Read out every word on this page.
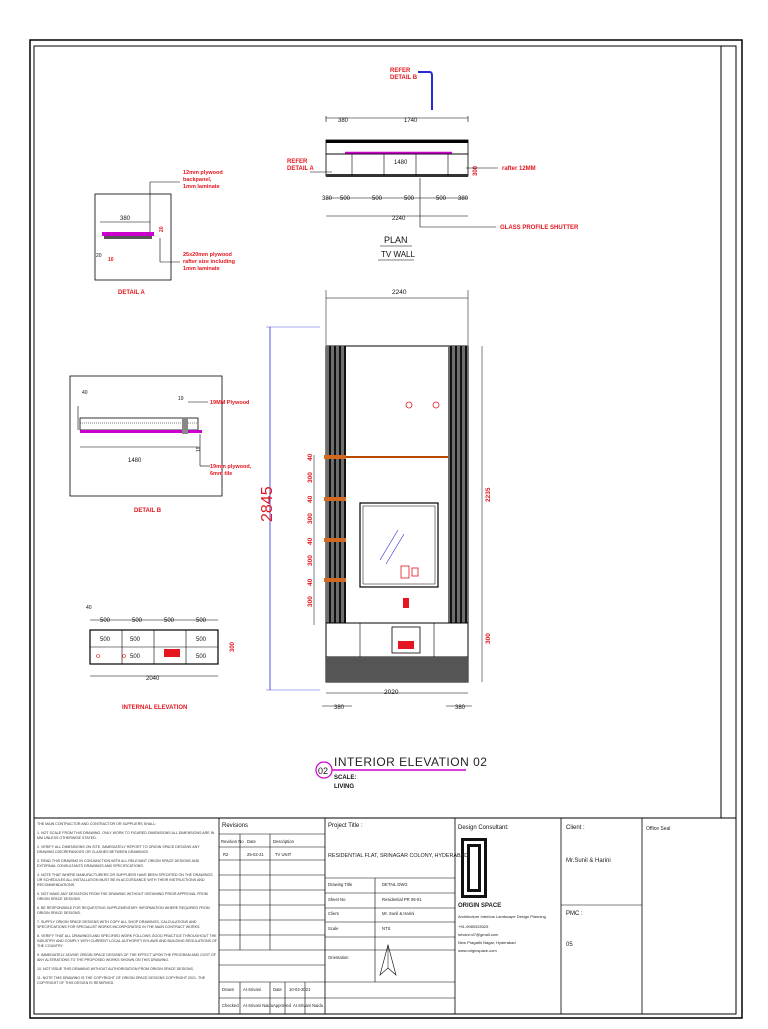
REFER DETAIL B
380	1740
1480
300
REFER DETAIL A	rafter 12MM
380 500	500	500	500 380
2240
GLASS PROFILE SHUTTER
PLAN
TV WALL
380
20
20
10
12mm plywood backpanel, 1mm laminate
25x20mm plywood rafter size including 1mm laminate
DETAIL A
40
19
19MM Plywood
1480
19
19mm plywood, 6mm tile
DETAIL B
40
500	500	500	500
500	500	500
500	500
300
2040
INTERNAL ELEVATION
2240
2845
40
300
40
300
40
300
40
300
2235
300
2020
380	380
02
INTERIOR ELEVATION 02
SCALE:
LIVING
THE MAIN CONTRACTOR AND CONTRACTOR OR SUPPLIERS SHALL:
1. NOT SCALE FROM THIS DRAWING. ONLY WORK TO FIGURED DIMENSIONS ALL DIMENSIONS ARE IN MM UNLESS OTHERWISE STATED.
2. VERIFY ALL DIMENSIONS ON SITE. IMMEDIATELY REPORT TO ORIGIN SPACE DESIGNS ANY DRAWING DISCREPANCIES OR CLASHES BETWEEN DRAWINGS.
3. READ THIS DRAWING IN CONJUNCTION WITH ALL RELEVANT ORIGIN SPACE DESIGNS AND EXTERNAL CONSULTANTS DRAWINGS AND SPECIFICATIONS.
4. NOTE THAT WHERE MANUFACTURERS OR SUPPLIERS HAVE BEEN SPECIFIED ON THE DRAWINGS OR SCHEDULES ALL INSTALLATION MUST BE IN ACCORDANCE WITH THEIR INSTRUCTIONS AND RECOMMENDATIONS.
5. NOT MAKE ANY DEVIATION FROM THE DRAWING WITHOUT OBTAINING PRIOR APPROVAL FROM ORIGIN SPACE DESIGNS.
6. BE RESPONSIBLE FOR REQUESTING SUPPLEMENTARY INFORMATION WHERE REQUIRED FROM ORIGIN SPACE DESIGNS.
7. SUPPLY ORIGIN SPACE DESIGNS WITH COPY ALL SHOP DRAWINGS, CALCULATIONS AND SPECIFICATIONS FOR SPECIALIST WORKS INCORPORATED IN THE MAIN CONTRACT WORKS.
8. VERIFY THAT ALL DRAWINGS AND SPECIFIED WORK FOLLOWS GOOD PRACTICE THROUGHOUT THE INDUSTRY AND COMPLY WITH CURRENT LOCAL AUTHORITY BYLAWS AND BUILDING REGULATIONS OF THE COUNTRY.
9. IMMEDIATELY ADVISE ORIGIN SPACE DESIGNS OF THE EFFECT UPON THE PROGRAM AND COST OF ANY ALTERATIONS TO THE PROPOSED WORKS SHOWN ON THIS DRAWING.
10. NOT ISSUE THIS DRAWING WITHOUT AUTHORISATION FROM ORIGIN SPACE DESIGNS.
11. NOTE THIS DRAWING IS THE COPYRIGHT OF ORIGIN SPACE DESIGNS COPYRIGHT 2021. THE COPYRIGHT OF THIS DESIGN IS RESERVED.
Revisions
Revision No Date	Description
R2	25-02-21	TV UNIT
Drawn Ar.Srivani	Date 10-02-2021
Checked Ar.Srivani Naidu Approved Ar.Srivani Naidu
Project Title :
RESIDENTIAL FLAT, SRINAGAR COLONY, HYDERABAD
Drawing Title	DETAIL DWG
Sheet No	Residential PR 06-01
Client	Mr. Sunil & Harini
Scale	NTS
Orientation
Design Consultant:
ORIGIN SPACE
Architecture Interiors Landscape Design Planning
+91-9989328325
srivani.nl7@gmail.com
New Pragathi Nagar, Hyderabad
www.originspace.com
Client :
Mr.Sunil & Harini
PMC :
05
Office Seal
